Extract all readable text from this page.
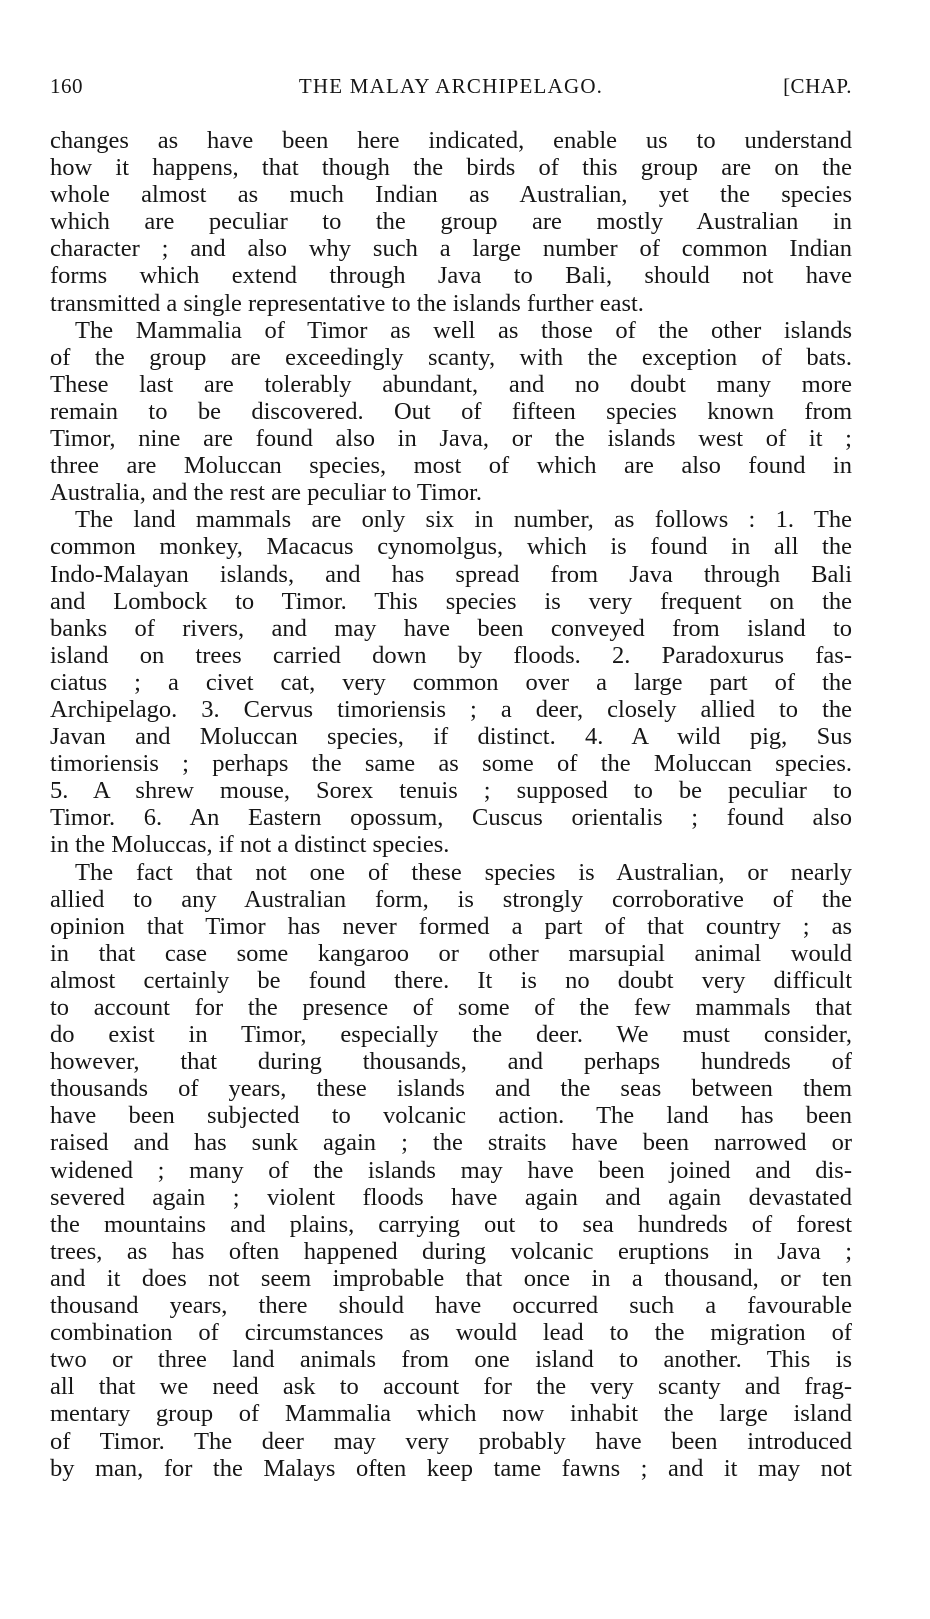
160	THE MALAY ARCHIPELAGO.	[CHAP.
changes as have been here indicated, enable us to understand
how it happens, that though the birds of this group are on the
whole almost as much Indian as Australian, yet the species
which are peculiar to the group are mostly Australian in
character ; and also why such a large number of common Indian
forms which extend through Java to Bali, should not have
transmitted a single representative to the islands further east.
The Mammalia of Timor as well as those of the other islands
of the group are exceedingly scanty, with the exception of bats.
These last are tolerably abundant, and no doubt many more
remain to be discovered. Out of fifteen species known from
Timor, nine are found also in Java, or the islands west of it ;
three are Moluccan species, most of which are also found in
Australia, and the rest are peculiar to Timor.
The land mammals are only six in number, as follows : 1. The
common monkey, Macacus cynomolgus, which is found in all the
Indo-Malayan islands, and has spread from Java through Bali
and Lombock to Timor. This species is very frequent on the
banks of rivers, and may have been conveyed from island to
island on trees carried down by floods. 2. Paradoxurus fas-
ciatus ; a civet cat, very common over a large part of the
Archipelago. 3. Cervus timoriensis ; a deer, closely allied to the
Javan and Moluccan species, if distinct. 4. A wild pig, Sus
timoriensis ; perhaps the same as some of the Moluccan species.
5. A shrew mouse, Sorex tenuis ; supposed to be peculiar to
Timor. 6. An Eastern opossum, Cuscus orientalis ; found also
in the Moluccas, if not a distinct species.
The fact that not one of these species is Australian, or nearly
allied to any Australian form, is strongly corroborative of the
opinion that Timor has never formed a part of that country ; as
in that case some kangaroo or other marsupial animal would
almost certainly be found there. It is no doubt very difficult
to account for the presence of some of the few mammals that
do exist in Timor, especially the deer. We must consider,
however, that during thousands, and perhaps hundreds of
thousands of years, these islands and the seas between them
have been subjected to volcanic action. The land has been
raised and has sunk again ; the straits have been narrowed or
widened ; many of the islands may have been joined and dis-
severed again ; violent floods have again and again devastated
the mountains and plains, carrying out to sea hundreds of forest
trees, as has often happened during volcanic eruptions in Java ;
and it does not seem improbable that once in a thousand, or ten
thousand years, there should have occurred such a favourable
combination of circumstances as would lead to the migration of
two or three land animals from one island to another. This is
all that we need ask to account for the very scanty and frag-
mentary group of Mammalia which now inhabit the large island
of Timor. The deer may very probably have been introduced
by man, for the Malays often keep tame fawns ; and it may not
